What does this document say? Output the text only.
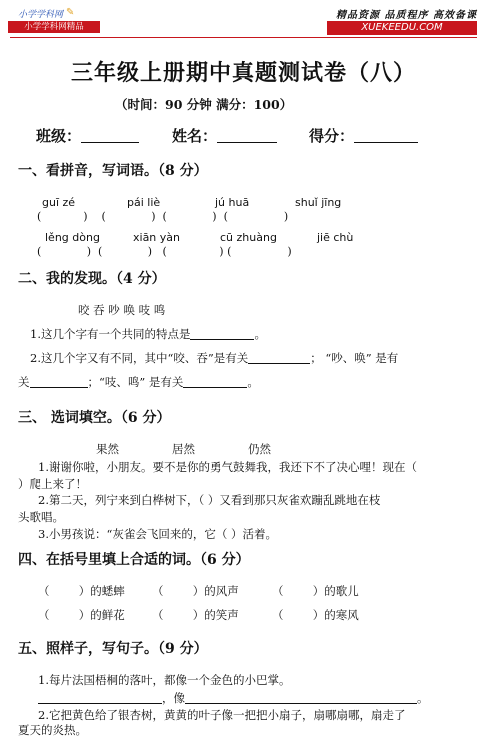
小学学科网 ✎
小学学科网精品
精品资源 品质程序 高效备课
XUEKEEDU.COM
三年级上册期中真题测试卷（八）
（时间：90 分钟 满分：100）
班级：	姓名：	得分：
一、看拼音，写词语。（8 分）
guī zé	pái liè	jú huā	shuǐ jīng
(            )    (             )  (             )  (                )
lěng dòng	xiān yàn	cū zhuàng	jiē chù
(             )  (             )   (               ) (                )
二、我的发现。（4 分）
咬 吞 吵 唤 吱 鸣
1.这几个字有一个共同的特点是	。
2.这几个字又有不同，其中“咬、吞”是有关	； “吵、唤” 是有
关	；“吱、鸣” 是有关	。
三、 选词填空。（6 分）
果然	居然	仍然
1.谢谢你啦，小朋友。要不是你的勇气鼓舞我，我还下不了决心哩！现在（
）爬上来了！
2.第二天，列宁来到白桦树下，（ ）又看到那只灰雀欢蹦乱跳地在枝
头歌唱。
3.小男孩说：“灰雀会飞回来的，它（ ）活着。
四、在括号里填上合适的词。（6 分）
（        ）的蟋蟀 （        ）的风声	（        ）的歌儿
（        ）的鲜花 （        ）的笑声	（        ）的寒风
五、照样子，写句子。（9 分）
1.每片法国梧桐的落叶，都像一个金色的小巴掌。
，像	。
2.它把黄色给了银杏树，黄黄的叶子像一把把小扇子，扇哪扇哪，扇走了
夏天的炎热。
